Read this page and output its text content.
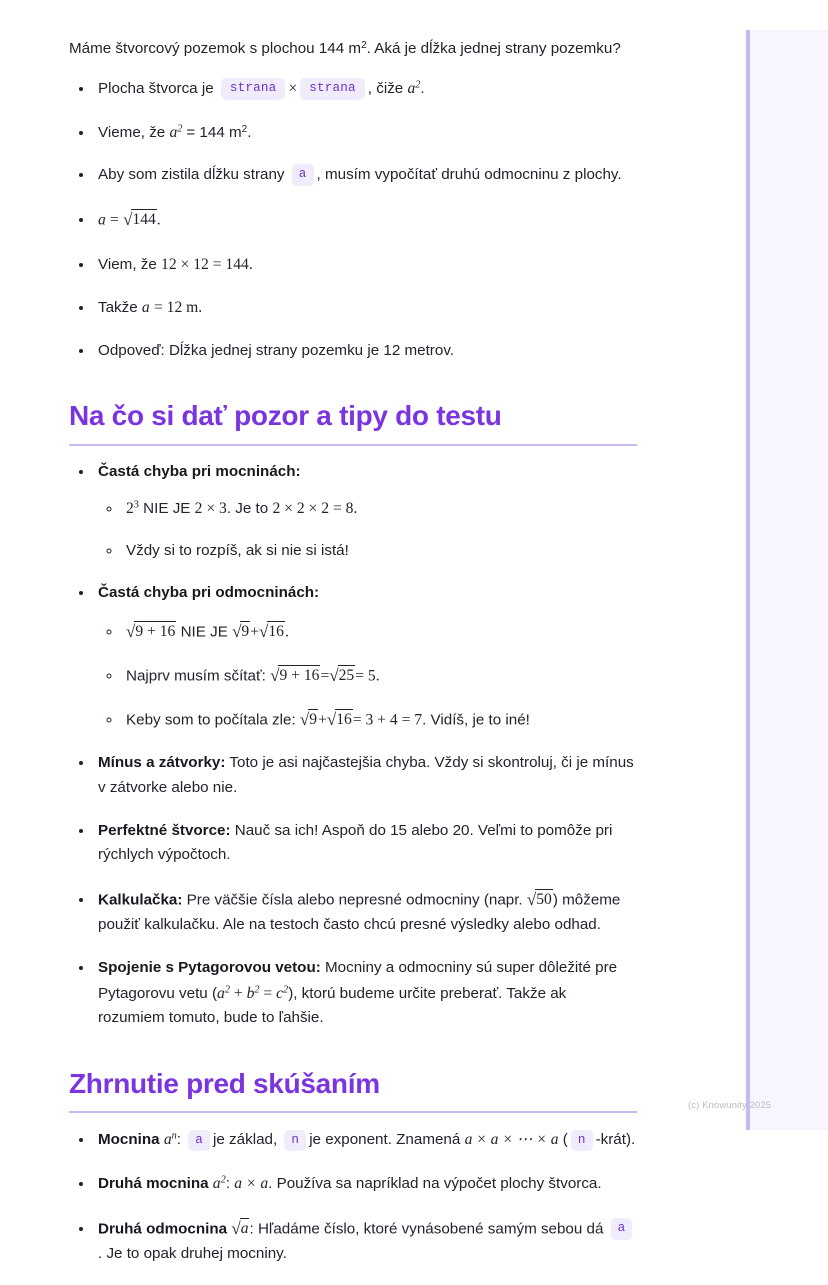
(c) Knowunity 2025

Máme štvorcový pozemok s plochou 144 $m^2$. Aká je dĺžka jednej strany pozemku?

• Plocha štvorca je strana × strana , čiže $a^2$.
• Vieme, že $a^2 = 144$ $m^2$.
• Aby som zistila dĺžku strany a , musím vypočítať druhú odmocninu z plochy.
• a = √144.
• Viem, že 12 × 12 = 144.
• Takže a = 12 m.
• Odpoveď: Dĺžka jednej strany pozemku je 12 metrov.
Na čo si dať pozor a tipy do testu
• Častá chyba pri mocninách:
◦ $2^3$ NIE JE 2 × 3. Je to 2 × 2 × 2 = 8.
◦ Vždy si to rozpíš, ak si nie si istá!
• Častá chyba pri odmocninách:
◦ √9 + 16 NIE JE √9+√16.
◦ Najprv musím sčítať: √9 + 16=√25= 5.
◦ Keby som to počítala zle: √9+√16= 3 + 4 = 7. Vidíš, je to iné!
• Mínus a zátvorky: Toto je asi najčastejšia chyba. Vždy si skontroluj, či je mínus v zátvorke alebo nie.
• Perfektné štvorce: Nauč sa ich! Aspoň do 15 alebo 20. Veľmi to pomôže pri rýchlych výpočtoch.
• Kalkulačka: Pre väčšie čísla alebo nepresné odmocniny (napr. √50) môžeme použiť kalkulačku. Ale na testoch často chcú presné výsledky alebo odhad.
• Spojenie s Pytagorovou vetou: Mocniny a odmocniny sú super dôležité pre Pytagorovu vetu $(a^2 + b^2 = c^2)$, ktorú budeme určite preberať. Takže ak rozumiem tomuto, bude to ľahšie.
Zhrnutie pred skúšaním
• Mocnina $a^n$: a je základ, n je exponent. Znamená a × a × ⋯ × a ( n -krát).
• Druhá mocnina $a^2$: a × a. Používa sa napríklad na výpočet plochy štvorca.
• Druhá odmocnina √a: Hľadáme číslo, ktoré vynásobené samým sebou dá a. Je to opak druhej mocniny.
